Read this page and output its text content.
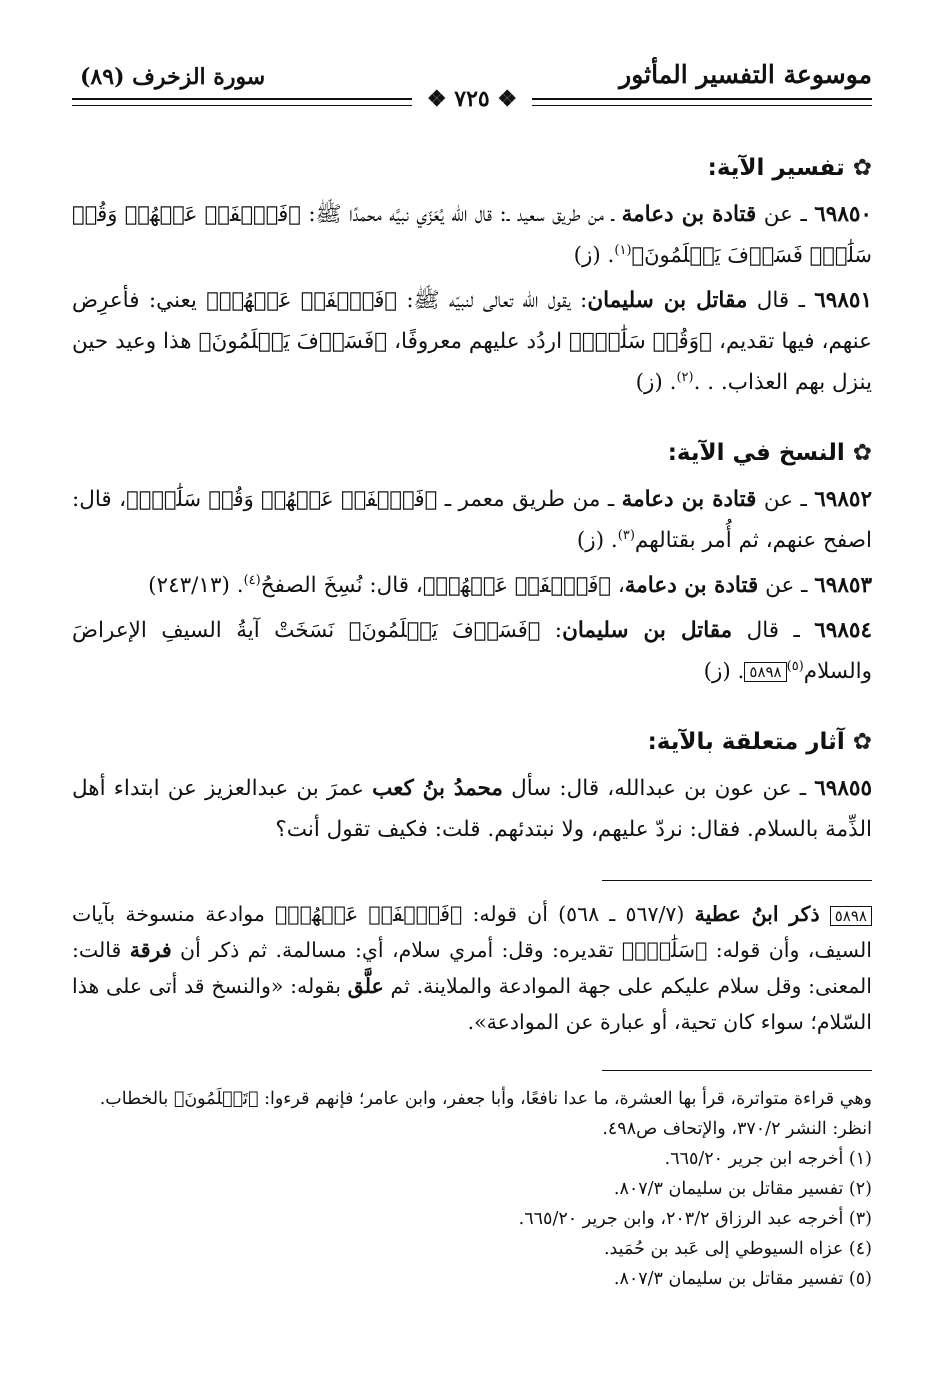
موسوعة التفسير المأثور
سورة الزخرف (٨٩)
❖ ٧٢٥ ❖
✿تفسير الآية:

٦٩٨٥٠ ـ عن قتادة بن دعامة ـ من طريق سعيد ـ: قال الله يُعَزّي نبيَّه محمدًا ﷺ: ﴿فَٱصۡفَحۡ عَنۡهُمۡ وَقُلۡ سَلَٰمٞۚ فَسَوۡفَ يَعۡلَمُونَ﴾$^{(١)}$. (ز)

٦٩٨٥١ ـ قال مقاتل بن سليمان: يقول الله تعالى لنبيّه ﷺ: ﴿فَٱصۡفَحۡ عَنۡهُمۡ﴾ يعني: فأعرِض عنهم، فيها تقديم، ﴿وَقُلۡ سَلَٰمٞۚ﴾ اردُد عليهم معروفًا، ﴿فَسَوۡفَ يَعۡلَمُونَ﴾ هذا وعيد حين ينزل بهم العذاب. . .$^{(٢)}$. (ز)

✿النسخ في الآية:

٦٩٨٥٢ ـ عن قتادة بن دعامة ـ من طريق معمر ـ ﴿فَٱصۡفَحۡ عَنۡهُمۡ وَقُلۡ سَلَٰمٞۚ﴾، قال: اصفح عنهم، ثم أُمر بقتالهم$^{(٣)}$. (ز)

٦٩٨٥٣ ـ عن قتادة بن دعامة، ﴿فَٱصۡفَحۡ عَنۡهُمۡ﴾، قال: نُسِخَ الصفحُ$^{(٤)}$. (٢٤٣/١٣)

٦٩٨٥٤ ـ قال مقاتل بن سليمان: ﴿فَسَوۡفَ يَعۡلَمُونَ﴾ نَسَخَتْ آيةُ السيفِ الإعراضَ والسلام$^{(٥)}$٥٨٩٨. (ز)

✿آثار متعلقة بالآية:

٦٩٨٥٥ ـ عن عون بن عبدالله، قال: سأل محمدُ بنُ كعب عمرَ بن عبدالعزيز عن ابتداء أهل الذِّمة بالسلام. فقال: نردّ عليهم، ولا نبتدئهم. قلت: فكيف تقول أنت؟

٥٨٩٨ ذكر ابنُ عطية (٥٦٧/٧ ـ ٥٦٨) أن قوله: ﴿فَٱصۡفَحۡ عَنۡهُمۡ﴾ موادعة منسوخة بآيات السيف، وأن قوله: ﴿سَلَٰمٞۚ﴾ تقديره: وقل: أمري سلام، أي: مسالمة. ثم ذكر أن فرقة قالت: المعنى: وقل سلام عليكم على جهة الموادعة والملاينة. ثم علَّق بقوله: «والنسخ قد أتى على هذا السّلام؛ سواء كان تحية، أو عبارة عن الموادعة».
وهي قراءة متواترة، قرأ بها العشرة، ما عدا نافعًا، وأبا جعفر، وابن عامر؛ فإنهم قرءوا: ﴿تَعۡلَمُونَ﴾ بالخطاب. انظر: النشر ٣٧٠/٢، والإتحاف ص٤٩٨.
(١) أخرجه ابن جرير ٦٦٥/٢٠.
(٢) تفسير مقاتل بن سليمان ٨٠٧/٣.
(٣) أخرجه عبد الرزاق ٢٠٣/٢، وابن جرير ٦٦٥/٢٠.
(٤) عزاه السيوطي إلى عَبد بن حُمَيد.
(٥) تفسير مقاتل بن سليمان ٨٠٧/٣.
